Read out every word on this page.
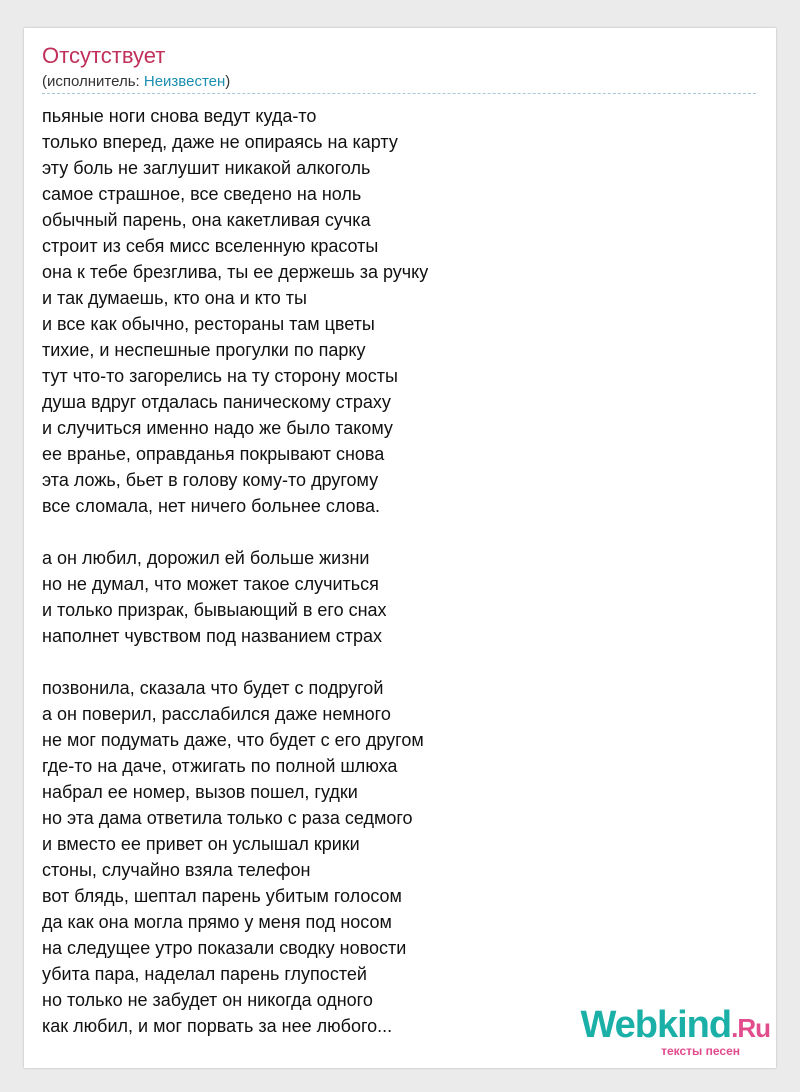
Отсутствует
(исполнитель: Неизвестен)
пьяные ноги снова ведут куда-то
только вперед, даже не опираясь на карту
эту боль не заглушит никакой алкоголь
самое страшное, все сведено на ноль
обычный парень, она какетливая сучка
строит из себя мисс вселенную красоты
она к тебе брезглива, ты ее держешь за ручку
и так думаешь, кто она и кто ты
и все как обычно, рестораны там цветы
тихие, и неспешные прогулки по парку
тут что-то загорелись на ту сторону мосты
душа вдруг отдалась паническому страху
и случиться именно надо же было такому
ее вранье, оправданья покрывают снова
эта ложь, бьет в голову кому-то другому
все сломала, нет ничего больнее слова.
а он любил, дорожил ей больше жизни
но не думал, что может такое случиться
и только призрак, бывыающий в его снах
наполнет чувством под названием страх
позвонила, сказала что будет с подругой
а он поверил, расслабился даже немного
не мог подумать даже, что будет с его другом
где-то на даче, отжигать по полной шлюха
набрал ее номер, вызов пошел, гудки
но эта дама ответила только с раза седмого
и вместо ее привет он услышал крики
стоны, случайно взяла телефон
вот блядь, шептал парень убитым голосом
да как она могла прямо у меня под носом
на следущее утро показали сводку новости
убита пара, наделал парень глупостей
но только не забудет он никогда одного
как любил, и мог порвать за нее любого...	Webkind.Ru
тексты песен
